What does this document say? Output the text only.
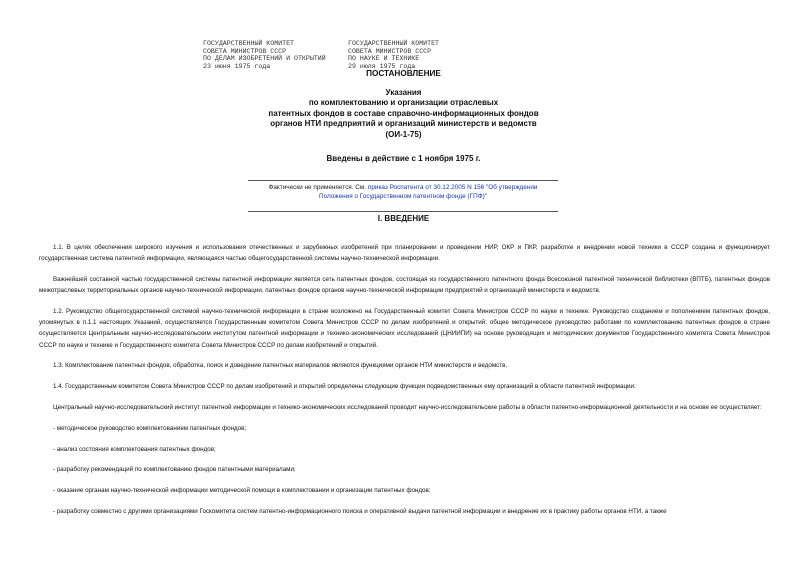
ГОСУДАРСТВЕННЫЙ КОМИТЕТ
СОВЕТА МИНИСТРОВ СССР
ПО ДЕЛАМ ИЗОБРЕТЕНИЙ И ОТКРЫТИЙ
23 июня 1975 года
ГОСУДАРСТВЕННЫЙ КОМИТЕТ
СОВЕТА МИНИСТРОВ СССР
ПО НАУКЕ И ТЕХНИКЕ
29 июля 1975 года
ПОСТАНОВЛЕНИЕ
Указания
по комплектованию и организации отраслевых
патентных фондов в составе справочно-информационных фондов
органов НТИ предприятий и организаций министерств и ведомств
(ОИ-1-75)
Введены в действие с 1 ноября 1975 г.
Фактически не применяется. См. приказ Роспатента от 30.12.2005 N 156 "Об утверждении
Положения о Государственном патентном фонде (ГПФ)"
I. ВВЕДЕНИЕ

1.1. В целях обеспечения широкого изучения и использования отечественных и зарубежных изобретений при планировании и проведении НИР, ОКР и ПКР, разработке и внедрении новой техники в СССР создана и функционирует государственная система патентной информации, являющаяся частью общегосударственной системы научно-технической информации.

Важнейшей составной частью государственной системы патентной информации является сеть патентных фондов, состоящая из государственного патентного фонда Всесоюзной патентной технической библиотеки (ВПТБ), патентных фондов межотраслевых территориальных органов научно-технической информации, патентных фондов органов научно-технической информации предприятий и организаций министерств и ведомств.

1.2. Руководство общегосударственной системой научно-технической информации в стране возложено на Государственный комитет Совета Министров СССР по науке и технике. Руководство созданием и пополнением патентных фондов, упомянутых в п.1.1 настоящих Указаний, осуществляется Государственным комитетом Совета Министров СССР по делам изобретений и открытий; общее методическое руководство работами по комплектованию патентных фондов в стране осуществляется Центральным научно-исследовательским институтом патентной информации и технико-экономических исследований (ЦНИИПИ) на основе руководящих и методических документов Государственного комитета Совета Министров СССР по науке и технике и Государственного комитета Совета Министров СССР по делам изобретений и открытий.

1.3. Комплектование патентных фондов, обработка, поиск и доведение патентных материалов являются функциями органов НТИ министерств и ведомств.

1.4. Государственным комитетом Совета Министров СССР по делам изобретений и открытий определены следующие функции подведомственных ему организаций в области патентной информации:

Центральный научно-исследовательский институт патентной информации и технико-экономических исследований проводит научно-исследовательские работы в области патентно-информационной деятельности и на основе ее осуществляет:

- методическое руководство комплектованием патентных фондов;

- анализ состояния комплектования патентных фондов;

- разработку рекомендаций по комплектованию фондов патентными материалами;

- оказание органам научно-технической информации методической помощи в комплектовании и организации патентных фондов;

- разработку совместно с другими организациями Госкомитета систем патентно-информационного поиска и оперативной выдачи патентной информации и внедрение их в практику работы органов НТИ, а также
